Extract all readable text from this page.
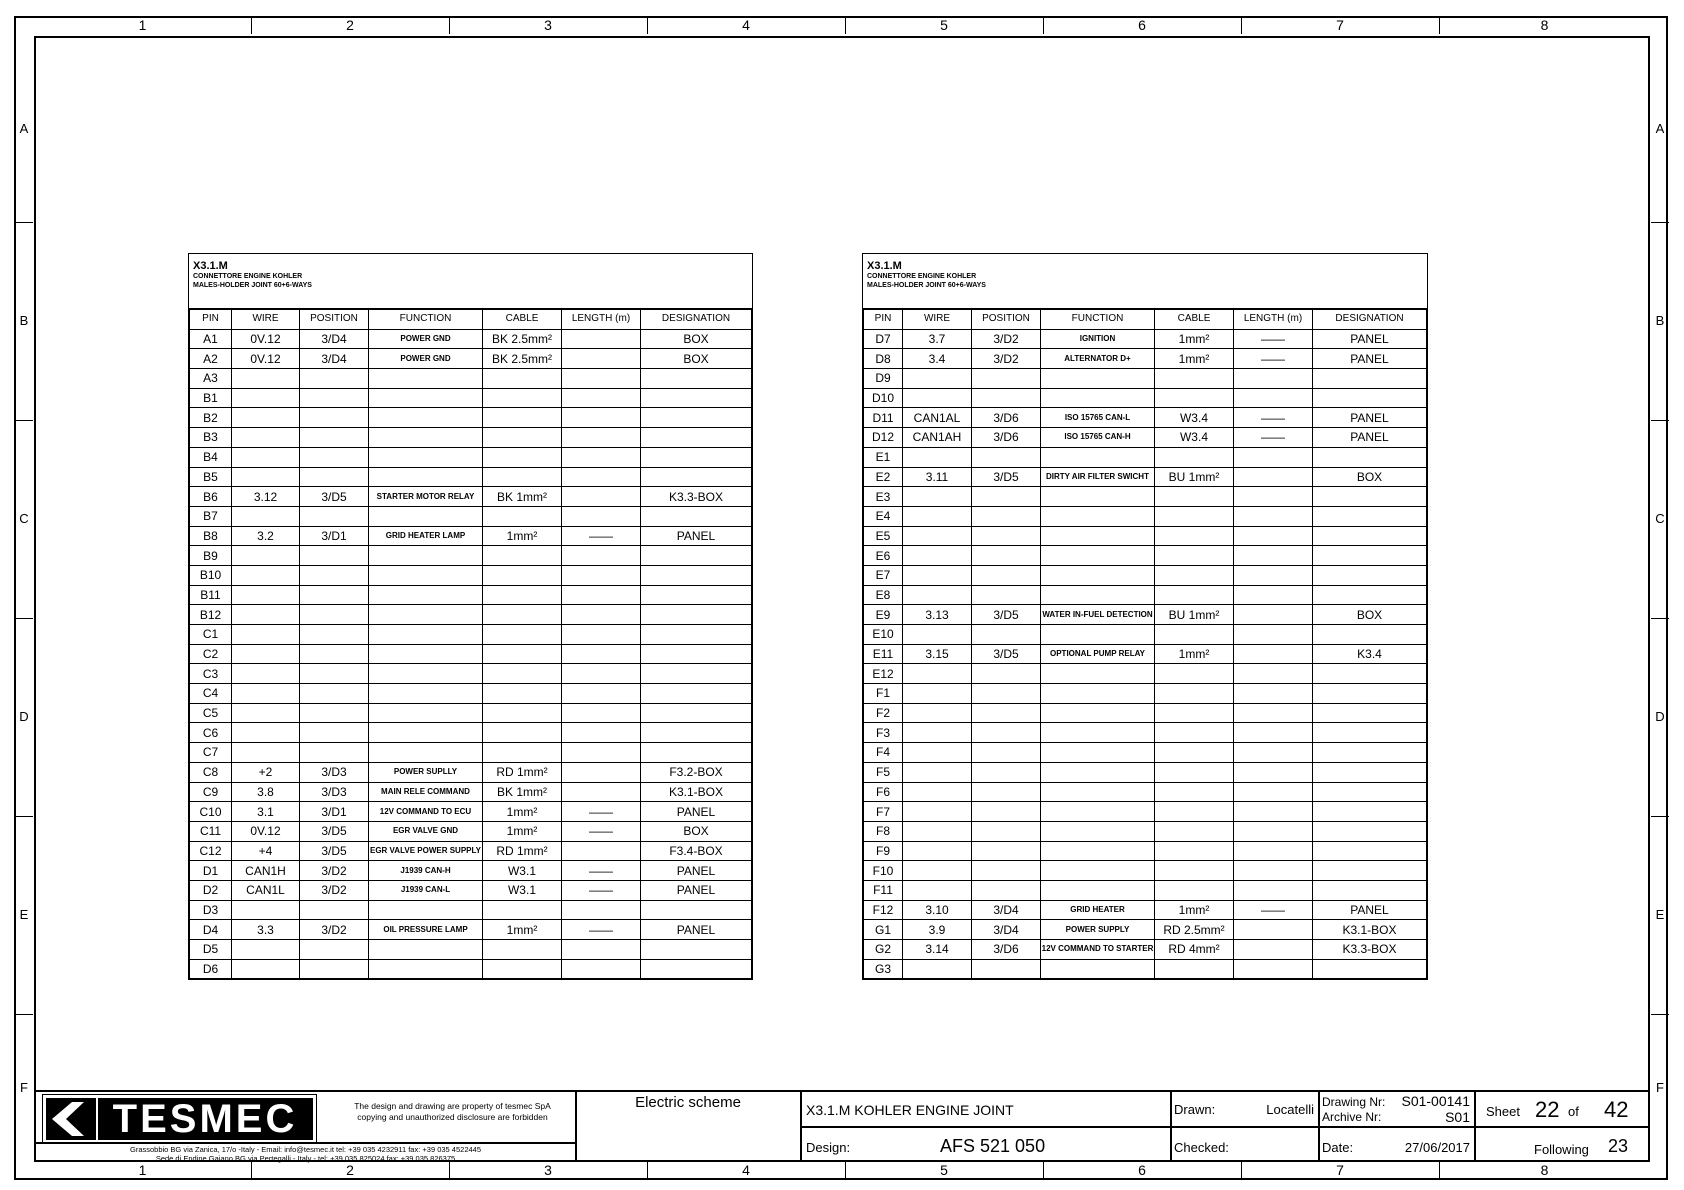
1	2	3	4	5	6	7	8
1	2	3	4	5	6	7	8
A
B
C
D
E
F
A
B
C
D
E
F
X3.1.M
CONNETTORE ENGINE KOHLER
MALES-HOLDER JOINT 60+6-WAYS
PIN	WIRE	POSITION	FUNCTION	CABLE	LENGTH (m)	DESIGNATION
A1	0V.12	3/D4	POWER GND	BK 2.5mm²		BOX
A2	0V.12	3/D4	POWER GND	BK 2.5mm²		BOX
A3						
B1						
B2						
B3						
B4						
B5						
B6	3.12	3/D5	STARTER MOTOR RELAY	BK 1mm²		K3.3-BOX
B7						
B8	3.2	3/D1	GRID HEATER LAMP	1mm²	——	PANEL
B9						
B10						
B11						
B12						
C1						
C2						
C3						
C4						
C5						
C6						
C7						
C8	+2	3/D3	POWER SUPLLY	RD 1mm²		F3.2-BOX
C9	3.8	3/D3	MAIN RELE COMMAND	BK 1mm²		K3.1-BOX
C10	3.1	3/D1	12V COMMAND TO ECU	1mm²	——	PANEL
C11	0V.12	3/D5	EGR VALVE GND	1mm²	——	BOX
C12	+4	3/D5	EGR VALVE POWER SUPPLY	RD 1mm²		F3.4-BOX
D1	CAN1H	3/D2	J1939 CAN-H	W3.1	——	PANEL
D2	CAN1L	3/D2	J1939 CAN-L	W3.1	——	PANEL
D3						
D4	3.3	3/D2	OIL PRESSURE LAMP	1mm²	——	PANEL
D5						
D6						
X3.1.M
CONNETTORE ENGINE KOHLER
MALES-HOLDER JOINT 60+6-WAYS
PIN	WIRE	POSITION	FUNCTION	CABLE	LENGTH (m)	DESIGNATION
D7	3.7	3/D2	IGNITION	1mm²	——	PANEL
D8	3.4	3/D2	ALTERNATOR D+	1mm²	——	PANEL
D9						
D10						
D11	CAN1AL	3/D6	ISO 15765 CAN-L	W3.4	——	PANEL
D12	CAN1AH	3/D6	ISO 15765 CAN-H	W3.4	——	PANEL
E1						
E2	3.11	3/D5	DIRTY AIR FILTER SWICHT	BU 1mm²		BOX
E3						
E4						
E5						
E6						
E7						
E8						
E9	3.13	3/D5	WATER IN-FUEL DETECTION	BU 1mm²		BOX
E10						
E11	3.15	3/D5	OPTIONAL PUMP RELAY	1mm²		K3.4
E12						
F1						
F2						
F3						
F4						
F5						
F6						
F7						
F8						
F9						
F10						
F11						
F12	3.10	3/D4	GRID HEATER	1mm²	——	PANEL
G1	3.9	3/D4	POWER SUPPLY	RD 2.5mm²		K3.1-BOX
G2	3.14	3/D6	12V COMMAND TO STARTER	RD 4mm²		K3.3-BOX
G3						
TESMEC	The design and drawing are property of tesmec SpA
copying and unauthorized disclosure are forbidden
Grassobbio BG via Zanica, 17/o -Italy - Email: info@tesmec.it tel: +39 035 4232911 fax: +39 035 4522445
Sede di Endine Gaiano BG via Pertegalli - Italy - tel: +39 035 825024 fax: +39 035 826375
Electric scheme	X3.1.M KOHLER ENGINE JOINT
Design:	AFS 521 050
Drawn:	Locatelli
Checked:
Drawing Nr:	S01-00141
Archive Nr:	S01
Date:	27/06/2017
Sheet 22 of 42
Following 23
